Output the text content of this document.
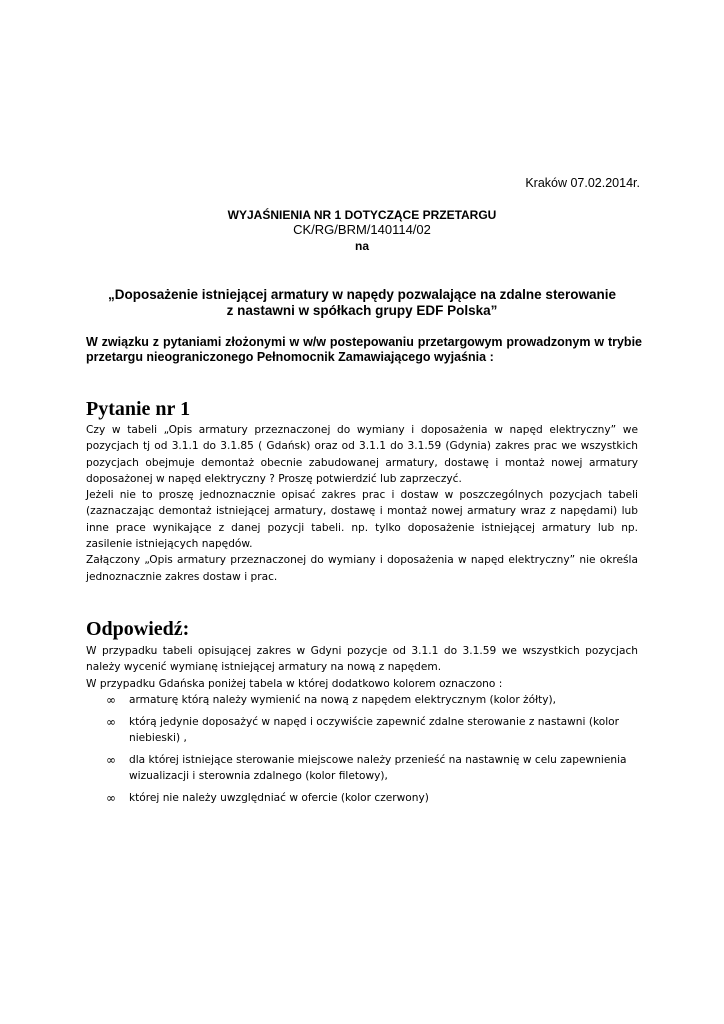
Kraków 07.02.2014r.
WYJAŚNIENIA NR 1 DOTYCZĄCE PRZETARGU
CK/RG/BRM/140114/02
na
„Doposażenie istniejącej armatury w napędy pozwalające na zdalne sterowanie
z nastawni w spółkach grupy EDF Polska”
W związku z pytaniami złożonymi w w/w postepowaniu przetargowym prowadzonym w trybie przetargu nieograniczonego Pełnomocnik Zamawiającego wyjaśnia :
Pytanie nr 1

Czy w tabeli „Opis armatury przeznaczonej do wymiany i doposażenia w napęd elektryczny” we pozycjach tj od 3.1.1 do 3.1.85 ( Gdańsk) oraz od 3.1.1 do 3.1.59 (Gdynia) zakres prac we wszystkich pozycjach obejmuje demontaż obecnie zabudowanej armatury, dostawę i montaż nowej armatury doposażonej w napęd elektryczny ? Proszę potwierdzić lub zaprzeczyć.

Jeżeli nie to proszę jednoznacznie opisać zakres prac i dostaw w poszczególnych pozycjach tabeli (zaznaczając demontaż istniejącej armatury, dostawę i montaż nowej armatury wraz z napędami) lub inne prace wynikające z danej pozycji tabeli. np. tylko doposażenie istniejącej armatury lub np. zasilenie istniejących napędów.

Załączony „Opis armatury przeznaczonej do wymiany i doposażenia w napęd elektryczny” nie określa jednoznacznie zakres dostaw i prac.

Odpowiedź:

W przypadku tabeli opisującej zakres w Gdyni pozycje od 3.1.1 do 3.1.59 we wszystkich pozycjach należy wycenić wymianę istniejącej armatury na nową z napędem.

W przypadku Gdańska poniżej tabela w której dodatkowo kolorem oznaczono :

∞ armaturę którą należy wymienić na nową z napędem elektrycznym (kolor żółty),
∞ którą jedynie doposażyć w napęd i oczywiście zapewnić zdalne sterowanie z nastawni (kolor niebieski) ,
∞ dla której istniejące sterowanie miejscowe należy przenieść na nastawnię w celu zapewnienia wizualizacji i sterownia zdalnego (kolor filetowy),
∞ której nie należy uwzględniać w ofercie (kolor czerwony)
